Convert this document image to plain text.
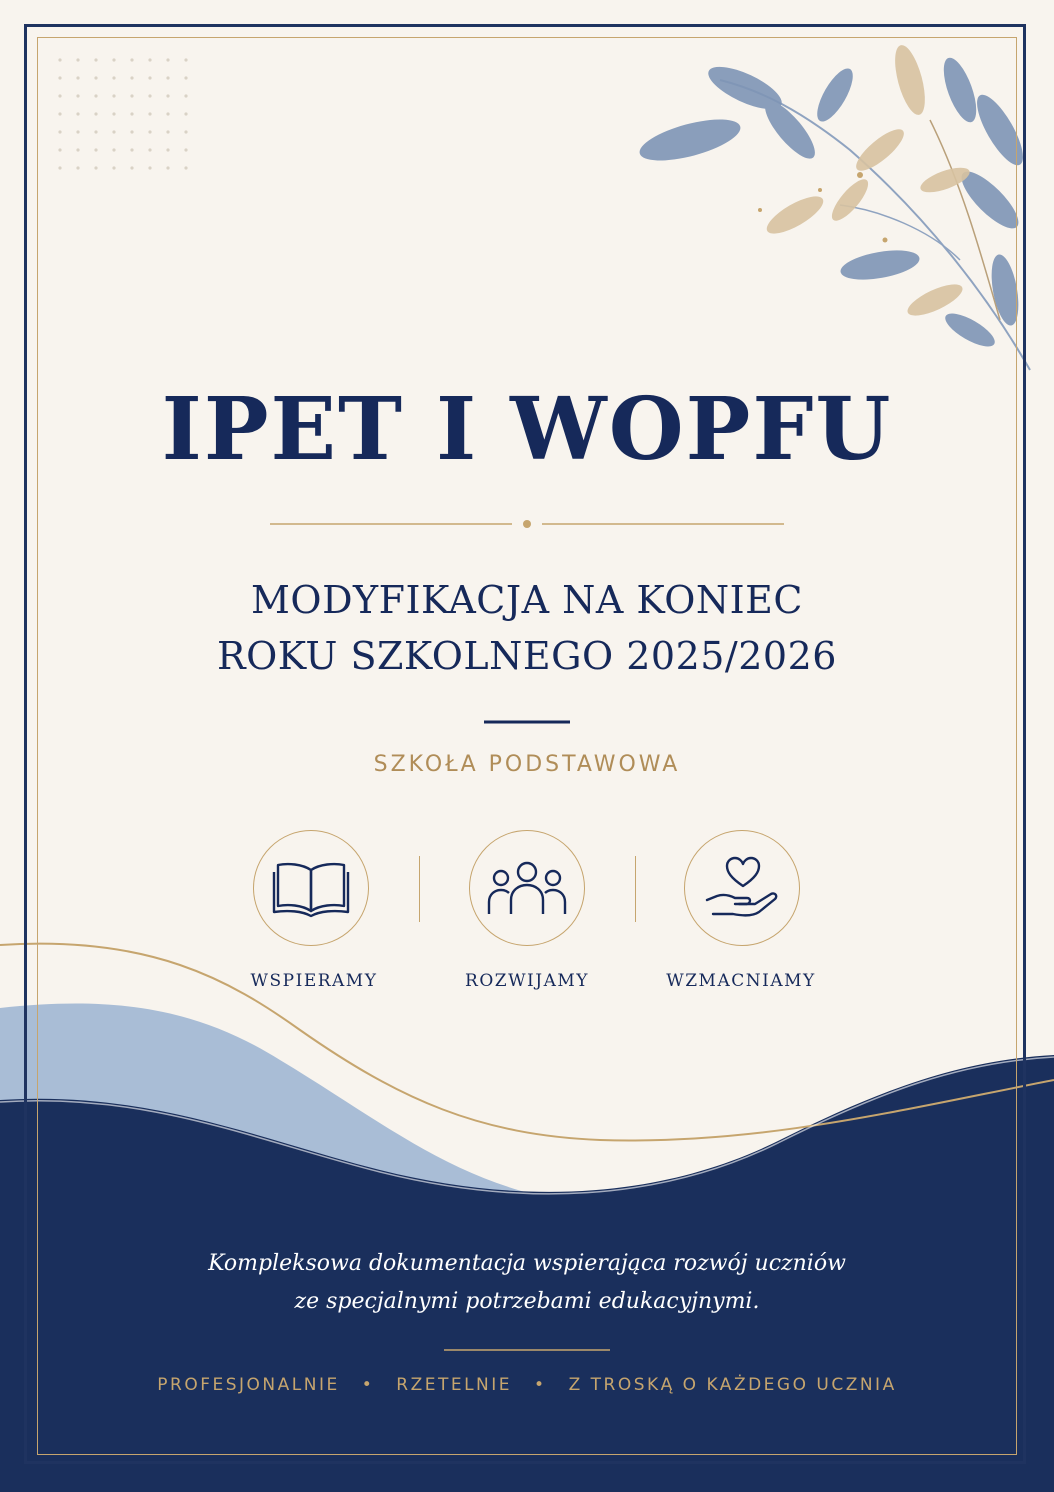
IPET I WOPFU
MODYFIKACJA NA KONIEC
ROKU SZKOLNEGO 2025/2026
SZKOŁA PODSTAWOWA
WSPIERAMY	ROZWIJAMY	WZMACNIAMY
Kompleksowa dokumentacja wspierająca rozwój uczniów
ze specjalnymi potrzebami edukacyjnymi.
PROFESJONALNIE • RZETELNIE • Z TROSKĄ O KAŻDEGO UCZNIA
